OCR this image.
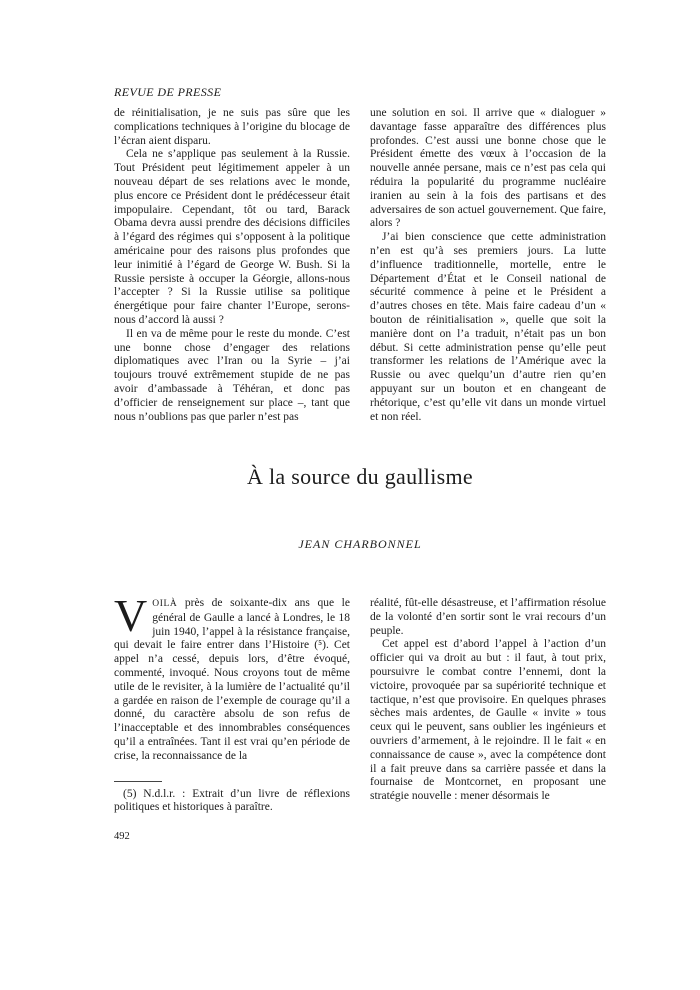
REVUE DE PRESSE

de réinitialisation, je ne suis pas sûre que les complications techniques à l’origine du blocage de l’écran aient disparu.

Cela ne s’applique pas seulement à la Russie. Tout Président peut légitimement appeler à un nouveau départ de ses relations avec le monde, plus encore ce Président dont le prédécesseur était impopulaire. Cependant, tôt ou tard, Barack Obama devra aussi prendre des décisions difficiles à l’égard des régimes qui s’opposent à la politique américaine pour des raisons plus profondes que leur inimitié à l’égard de George W. Bush. Si la Russie persiste à occuper la Géorgie, allons-nous l’accepter ? Si la Russie utilise sa politique énergétique pour faire chanter l’Europe, serons-nous d’accord là aussi ?

Il en va de même pour le reste du monde. C’est une bonne chose d’engager des relations diplomatiques avec l’Iran ou la Syrie – j’ai toujours trouvé extrêmement stupide de ne pas avoir d’ambassade à Téhéran, et donc pas d’officier de renseignement sur place –, tant que nous n’oublions pas que parler n’est pas

une solution en soi. Il arrive que « dialoguer » davantage fasse apparaître des différences plus profondes. C’est aussi une bonne chose que le Président émette des vœux à l’occasion de la nouvelle année persane, mais ce n’est pas cela qui réduira la popularité du programme nucléaire iranien au sein à la fois des partisans et des adversaires de son actuel gouvernement. Que faire, alors ?

J’ai bien conscience que cette administration n’en est qu’à ses premiers jours. La lutte d’influence traditionnelle, mortelle, entre le Département d’État et le Conseil national de sécurité commence à peine et le Président a d’autres choses en tête. Mais faire cadeau d’un « bouton de réinitialisation », quelle que soit la manière dont on l’a traduit, n’était pas un bon début. Si cette administration pense qu’elle peut transformer les relations de l’Amérique avec la Russie ou avec quelqu’un d’autre rien qu’en appuyant sur un bouton et en changeant de rhétorique, c’est qu’elle vit dans un monde virtuel et non réel.

À la source du gaullisme

JEAN CHARBONNEL

VOILÀ près de soixante-dix ans que le général de Gaulle a lancé à Londres, le 18 juin 1940, l’appel à la résistance française, qui devait le faire entrer dans l’Histoire (⁵). Cet appel n’a cessé, depuis lors, d’être évoqué, commenté, invoqué. Nous croyons tout de même utile de le revisiter, à la lumière de l’actualité qu’il a gardée en raison de l’exemple de courage qu’il a donné, du caractère absolu de son refus de l’inacceptable et des innombrables conséquences qu’il a entraînées. Tant il est vrai qu’en période de crise, la reconnaissance de la

(5) N.d.l.r. : Extrait d’un livre de réflexions politiques et historiques à paraître.

réalité, fût-elle désastreuse, et l’affirmation résolue de la volonté d’en sortir sont le vrai recours d’un peuple.

Cet appel est d’abord l’appel à l’action d’un officier qui va droit au but : il faut, à tout prix, poursuivre le combat contre l’ennemi, dont la victoire, provoquée par sa supériorité technique et tactique, n’est que provisoire. En quelques phrases sèches mais ardentes, de Gaulle « invite » tous ceux qui le peuvent, sans oublier les ingénieurs et ouvriers d’armement, à le rejoindre. Il le fait « en connaissance de cause », avec la compétence dont il a fait preuve dans sa carrière passée et dans la fournaise de Montcornet, en proposant une stratégie nouvelle : mener désormais le

492
